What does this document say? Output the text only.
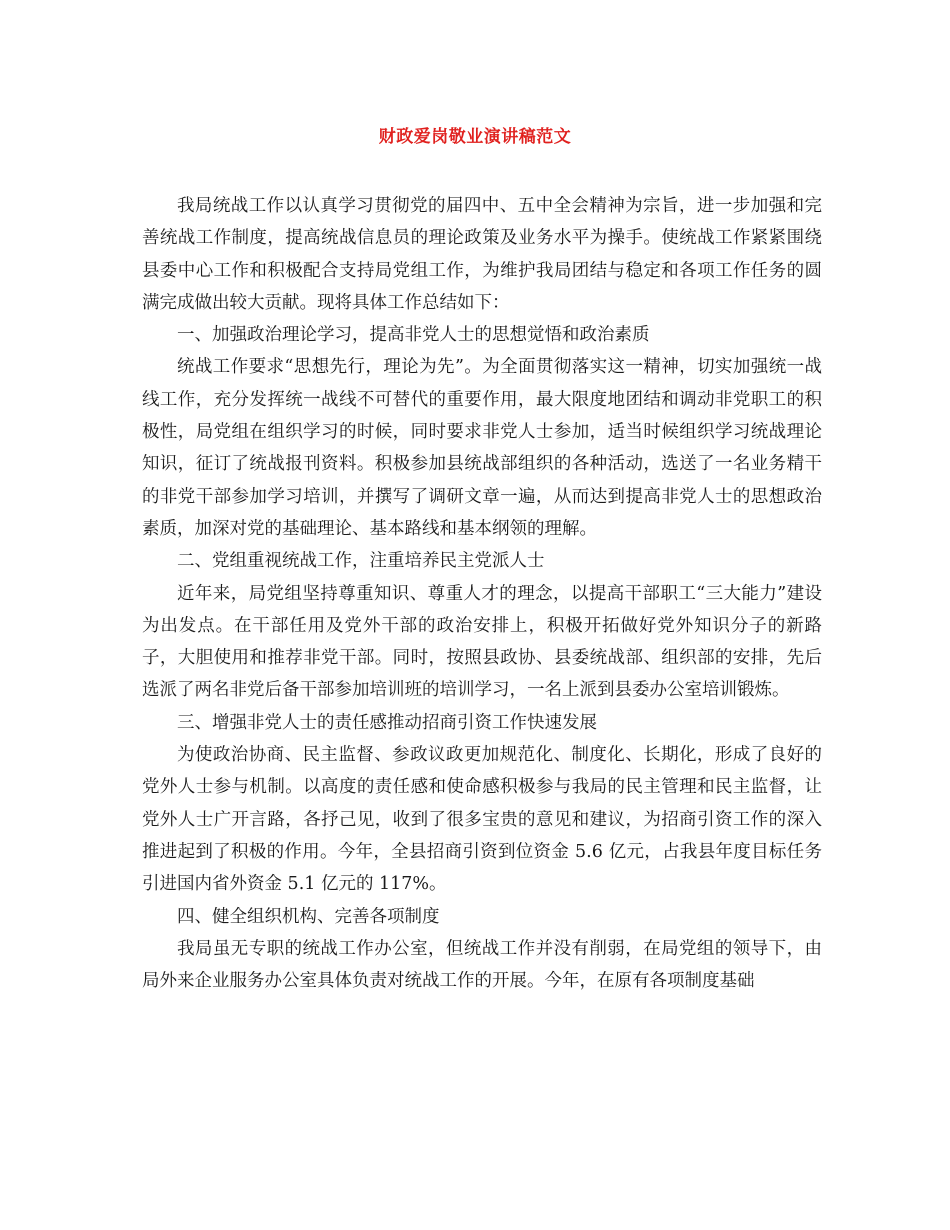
财政爱岗敬业演讲稿范文

我局统战工作以认真学习贯彻党的届四中、五中全会精神为宗旨，进一步加强和完善统战工作制度，提高统战信息员的理论政策及业务水平为操手。使统战工作紧紧围绕县委中心工作和积极配合支持局党组工作，为维护我局团结与稳定和各项工作任务的圆满完成做出较大贡献。现将具体工作总结如下：

一、加强政治理论学习，提高非党人士的思想觉悟和政治素质

统战工作要求“思想先行，理论为先”。为全面贯彻落实这一精神，切实加强统一战线工作，充分发挥统一战线不可替代的重要作用，最大限度地团结和调动非党职工的积极性，局党组在组织学习的时候，同时要求非党人士参加，适当时候组织学习统战理论知识，征订了统战报刊资料。积极参加县统战部组织的各种活动，选送了一名业务精干的非党干部参加学习培训，并撰写了调研文章一遍，从而达到提高非党人士的思想政治素质，加深对党的基础理论、基本路线和基本纲领的理解。

二、党组重视统战工作，注重培养民主党派人士

近年来，局党组坚持尊重知识、尊重人才的理念，以提高干部职工“三大能力”建设为出发点。在干部任用及党外干部的政治安排上，积极开拓做好党外知识分子的新路子，大胆使用和推荐非党干部。同时，按照县政协、县委统战部、组织部的安排，先后选派了两名非党后备干部参加培训班的培训学习，一名上派到县委办公室培训锻炼。

三、增强非党人士的责任感推动招商引资工作快速发展

为使政治协商、民主监督、参政议政更加规范化、制度化、长期化，形成了良好的党外人士参与机制。以高度的责任感和使命感积极参与我局的民主管理和民主监督，让党外人士广开言路，各抒己见，收到了很多宝贵的意见和建议，为招商引资工作的深入推进起到了积极的作用。今年，全县招商引资到位资金 5.6 亿元，占我县年度目标任务引进国内省外资金 5.1 亿元的 117%。

四、健全组织机构、完善各项制度

我局虽无专职的统战工作办公室，但统战工作并没有削弱，在局党组的领导下，由局外来企业服务办公室具体负责对统战工作的开展。今年，在原有各项制度基础
